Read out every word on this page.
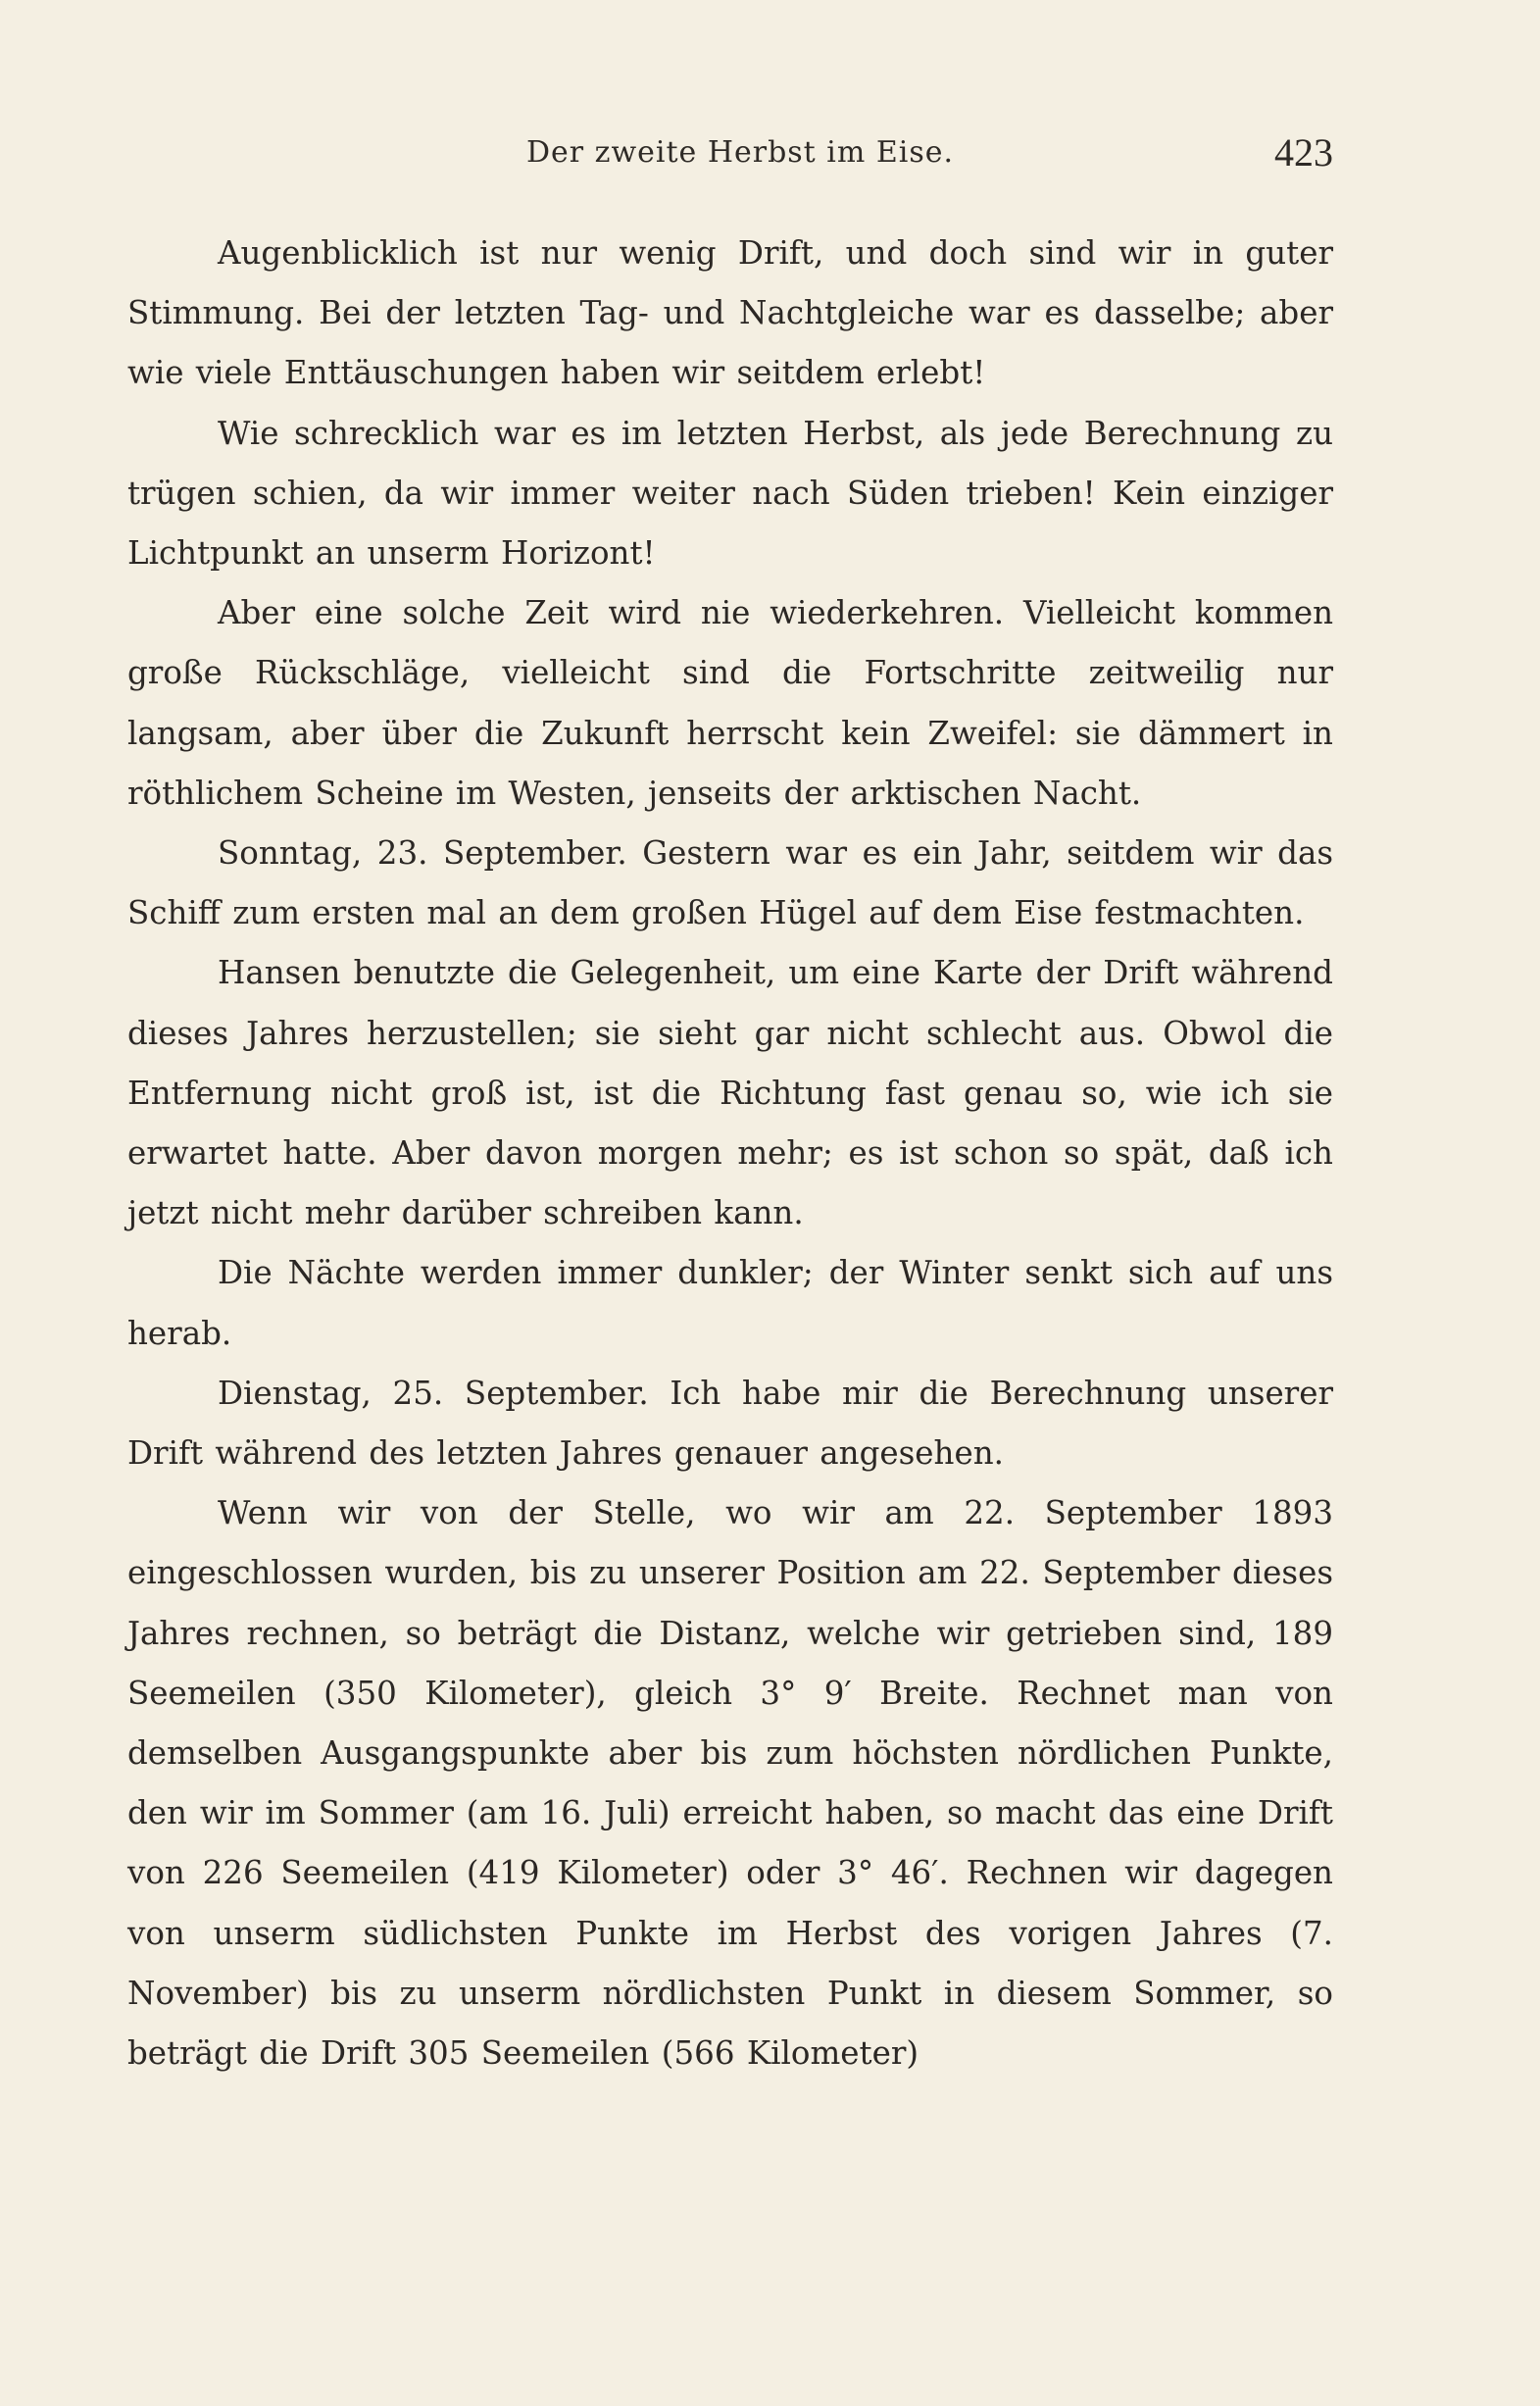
Der zweite Herbst im Eise.	423

Augenblicklich ist nur wenig Drift, und doch sind wir in guter Stimmung. Bei der letzten Tag- und Nachtgleiche war es dasselbe; aber wie viele Enttäuschungen haben wir seitdem erlebt!

Wie schrecklich war es im letzten Herbst, als jede Berechnung zu trügen schien, da wir immer weiter nach Süden trieben! Kein einziger Lichtpunkt an unserm Horizont!

Aber eine solche Zeit wird nie wiederkehren. Vielleicht kommen große Rückschläge, vielleicht sind die Fortschritte zeitweilig nur langsam, aber über die Zukunft herrscht kein Zweifel: sie dämmert in röthlichem Scheine im Westen, jenseits der arktischen Nacht.

Sonntag, 23. September. Gestern war es ein Jahr, seitdem wir das Schiff zum ersten mal an dem großen Hügel auf dem Eise festmachten.

Hansen benutzte die Gelegenheit, um eine Karte der Drift während dieses Jahres herzustellen; sie sieht gar nicht schlecht aus. Obwol die Entfernung nicht groß ist, ist die Richtung fast genau so, wie ich sie erwartet hatte. Aber davon morgen mehr; es ist schon so spät, daß ich jetzt nicht mehr darüber schreiben kann.

Die Nächte werden immer dunkler; der Winter senkt sich auf uns herab.

Dienstag, 25. September. Ich habe mir die Berechnung unserer Drift während des letzten Jahres genauer angesehen.

Wenn wir von der Stelle, wo wir am 22. September 1893 eingeschlossen wurden, bis zu unserer Position am 22. September dieses Jahres rechnen, so beträgt die Distanz, welche wir getrieben sind, 189 Seemeilen (350 Kilometer), gleich 3° 9′ Breite. Rechnet man von demselben Ausgangspunkte aber bis zum höchsten nördlichen Punkte, den wir im Sommer (am 16. Juli) erreicht haben, so macht das eine Drift von 226 Seemeilen (419 Kilometer) oder 3° 46′. Rechnen wir dagegen von unserm südlichsten Punkte im Herbst des vorigen Jahres (7. November) bis zu unserm nördlichsten Punkt in diesem Sommer, so beträgt die Drift 305 Seemeilen (566 Kilometer)
